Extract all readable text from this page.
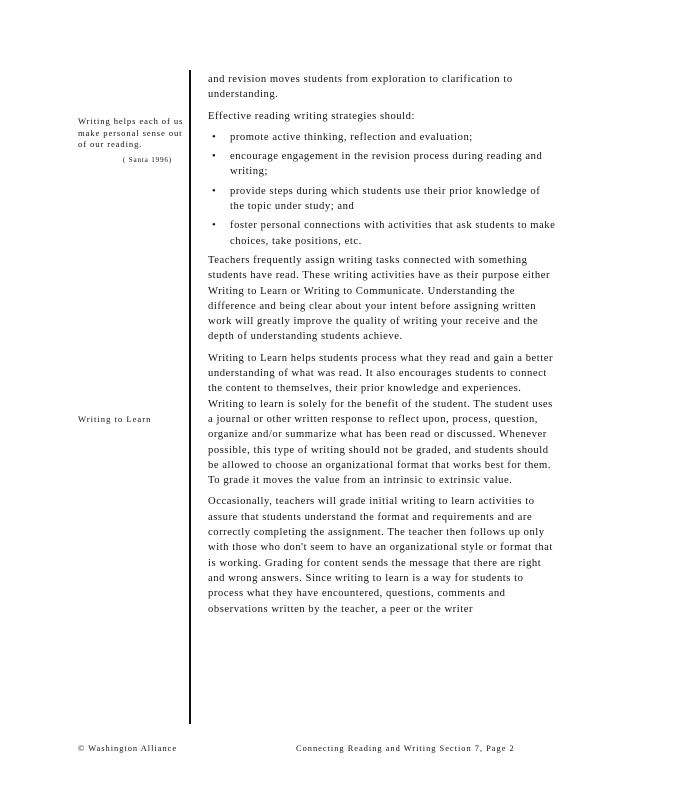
Writing helps each of us make personal sense out of our reading.
( Santa 1996)
Writing to Learn

and revision moves students from exploration to clarification to understanding.

Effective reading writing strategies should:

• promote active thinking, reflection and evaluation;
• encourage engagement in the revision process during reading and writing;
• provide steps during which students use their prior knowledge of the topic under study; and
• foster personal connections with activities that ask students to make choices, take positions, etc.

Teachers frequently assign writing tasks connected with something students have read. These writing activities have as their purpose either Writing to Learn or Writing to Communicate. Understanding the difference and being clear about your intent before assigning written work will greatly improve the quality of writing your receive and the depth of understanding students achieve.

Writing to Learn helps students process what they read and gain a better understanding of what was read. It also encourages students to connect the content to themselves, their prior knowledge and experiences. Writing to learn is solely for the benefit of the student. The student uses a journal or other written response to reflect upon, process, question, organize and/or summarize what has been read or discussed. Whenever possible, this type of writing should not be graded, and students should be allowed to choose an organizational format that works best for them. To grade it moves the value from an intrinsic to extrinsic value.

Occasionally, teachers will grade initial writing to learn activities to assure that students understand the format and requirements and are correctly completing the assignment. The teacher then follows up only with those who don't seem to have an organizational style or format that is working. Grading for content sends the message that there are right and wrong answers. Since writing to learn is a way for students to process what they have encountered, questions, comments and observations written by the teacher, a peer or the writer

© Washington Alliance	Connecting Reading and Writing Section 7, Page 2
